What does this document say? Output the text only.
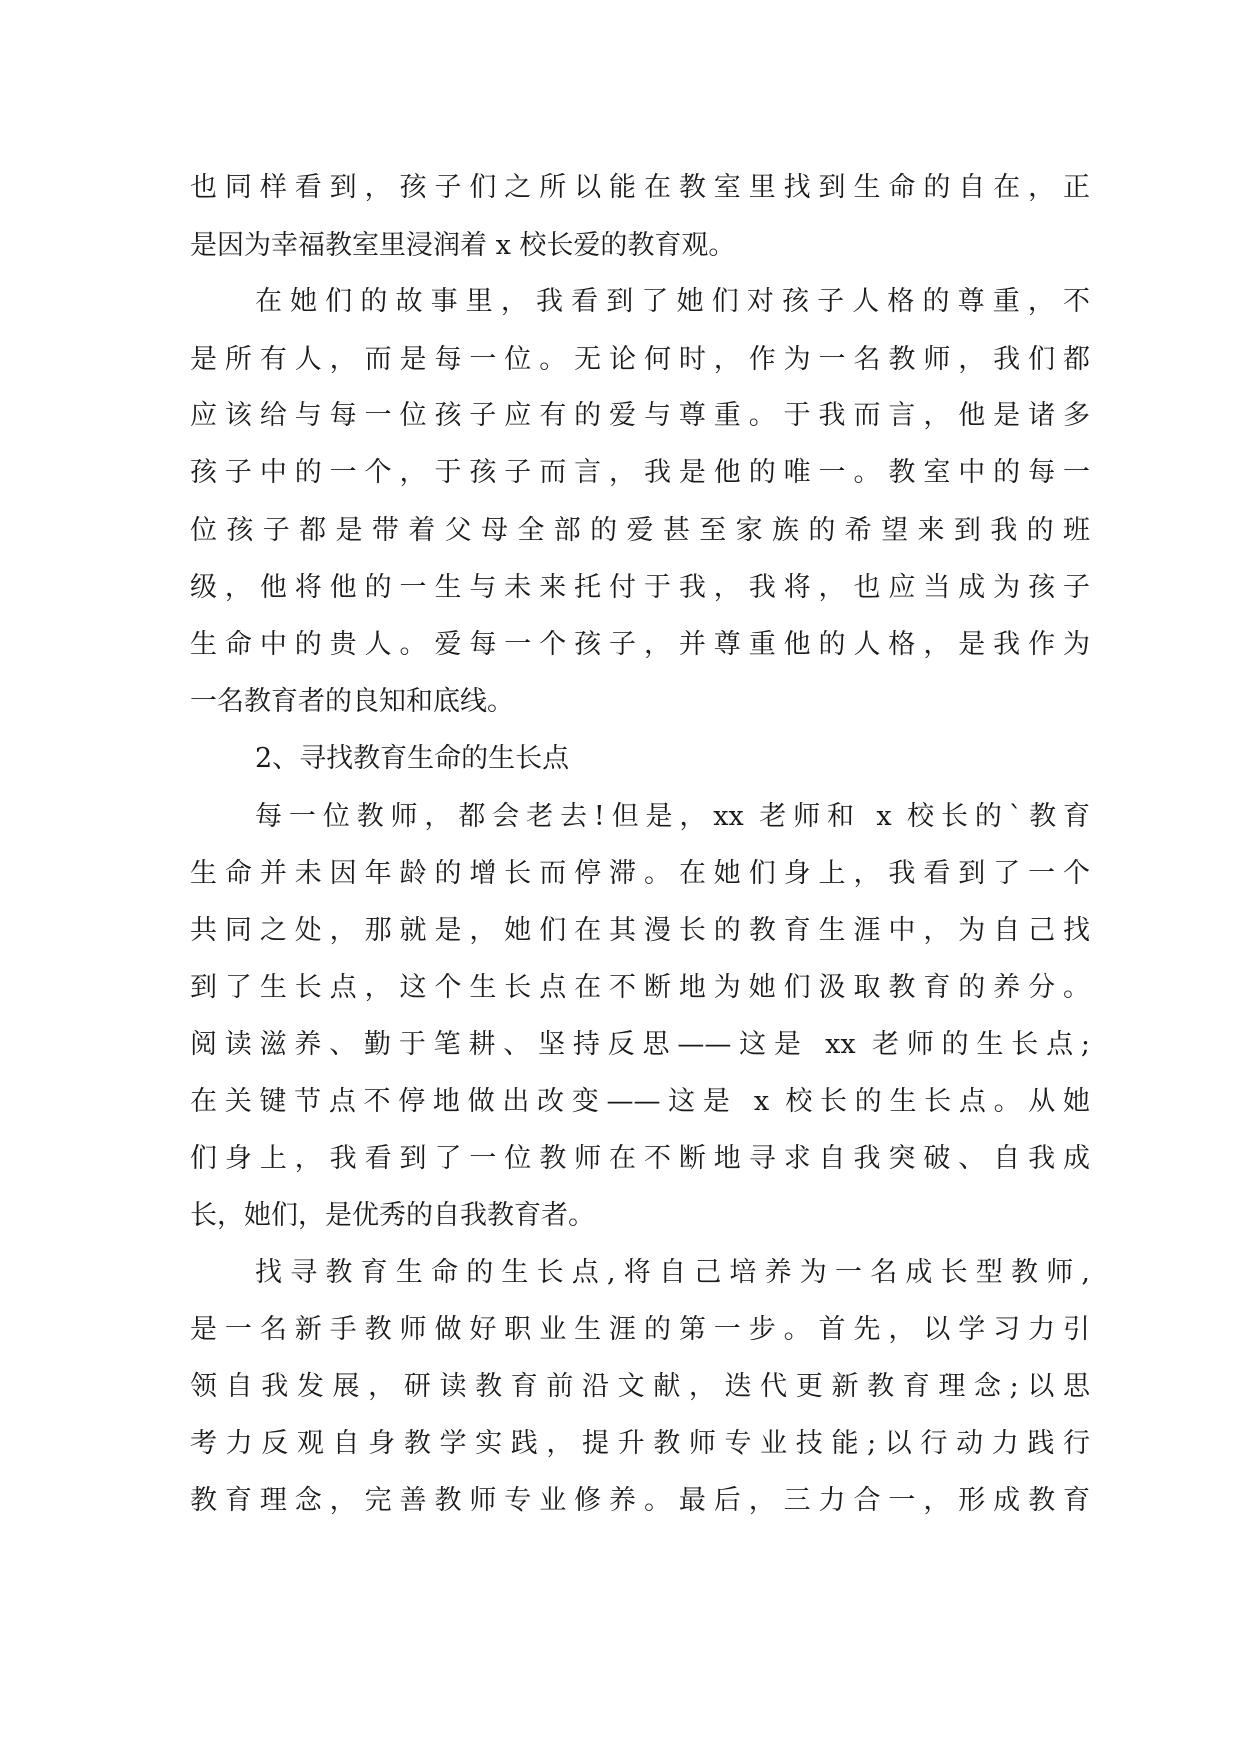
也同样看到，孩子们之所以能在教室里找到生命的自在，正
是因为幸福教室里浸润着 x 校长爱的教育观。
在她们的故事里，我看到了她们对孩子人格的尊重，不
是所有人，而是每一位。无论何时，作为一名教师，我们都
应该给与每一位孩子应有的爱与尊重。于我而言，他是诸多
孩子中的一个，于孩子而言，我是他的唯一。教室中的每一
位孩子都是带着父母全部的爱甚至家族的希望来到我的班
级，他将他的一生与未来托付于我，我将，也应当成为孩子
生命中的贵人。爱每一个孩子，并尊重他的人格，是我作为
一名教育者的良知和底线。
2、寻找教育生命的生长点
每一位教师，都会老去!但是，xx 老师和 x 校长的`教育
生命并未因年龄的增长而停滞。在她们身上，我看到了一个
共同之处，那就是，她们在其漫长的教育生涯中，为自己找
到了生长点，这个生长点在不断地为她们汲取教育的养分。
阅读滋养、勤于笔耕、坚持反思——这是 xx 老师的生长点;
在关键节点不停地做出改变——这是 x 校长的生长点。从她
们身上，我看到了一位教师在不断地寻求自我突破、自我成
长，她们，是优秀的自我教育者。
找寻教育生命的生长点,将自己培养为一名成长型教师,
是一名新手教师做好职业生涯的第一步。首先，以学习力引
领自我发展，研读教育前沿文献，迭代更新教育理念;以思
考力反观自身教学实践，提升教师专业技能;以行动力践行
教育理念，完善教师专业修养。最后，三力合一，形成教育
